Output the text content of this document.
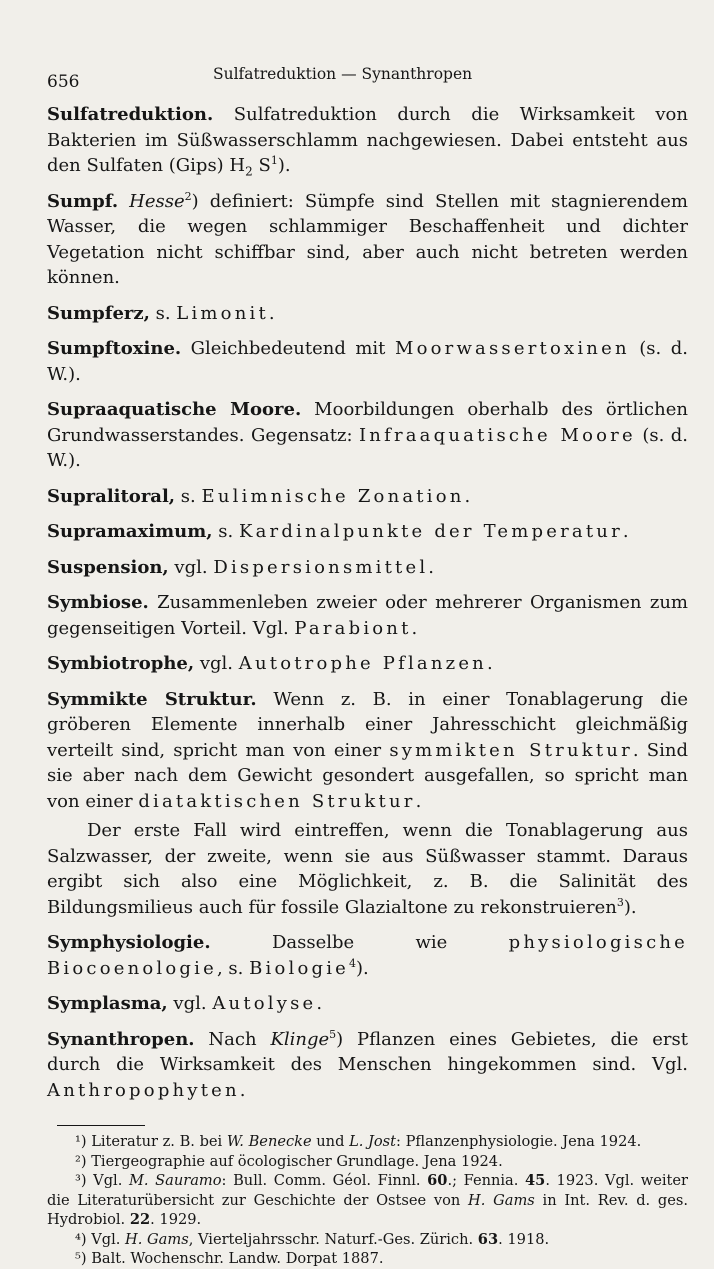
656	Sulfatreduktion — Synanthropen

Sulfatreduktion. Sulfatreduktion durch die Wirksamkeit von Bakterien im Süßwasserschlamm nachgewiesen. Dabei entsteht aus den Sulfaten (Gips) $H_2$ $S^1$).

Sumpf. Hesse$^2$) definiert: Sümpfe sind Stellen mit stagnierendem Wasser, die wegen schlammiger Beschaffenheit und dichter Vegetation nicht schiffbar sind, aber auch nicht betreten werden können.

Sumpferz, s. Limonit.

Sumpftoxine. Gleichbedeutend mit Moorwassertoxinen (s. d. W.).

Supraaquatische Moore. Moorbildungen oberhalb des örtlichen Grundwasserstandes. Gegensatz: Infraaquatische Moore (s. d. W.).

Supralitoral, s. Eulimnische Zonation.

Supramaximum, s. Kardinalpunkte der Temperatur.

Suspension, vgl. Dispersionsmittel.

Symbiose. Zusammenleben zweier oder mehrerer Organismen zum gegenseitigen Vorteil. Vgl. Parabiont.

Symbiotrophe, vgl. Autotrophe Pflanzen.

Symmikte Struktur. Wenn z. B. in einer Tonablagerung die gröberen Elemente innerhalb einer Jahresschicht gleichmäßig verteilt sind, spricht man von einer symmikten Struktur. Sind sie aber nach dem Gewicht gesondert ausgefallen, so spricht man von einer diataktischen Struktur.

Der erste Fall wird eintreffen, wenn die Tonablagerung aus Salzwasser, der zweite, wenn sie aus Süßwasser stammt. Daraus ergibt sich also eine Möglichkeit, z. B. die Salinität des Bildungsmilieus auch für fossile Glazialtone zu rekonstruieren$^3$).

Symphysiologie. Dasselbe wie physiologische Biocoenologie, s. Biologie$^4$).

Symplasma, vgl. Autolyse.

Synanthropen. Nach Klinge$^5$) Pflanzen eines Gebietes, die erst durch die Wirksamkeit des Menschen hingekommen sind. Vgl. Anthropophyten.

¹) Literatur z. B. bei W. Benecke und L. Jost: Pflanzenphysiologie. Jena 1924.

²) Tiergeographie auf öcologischer Grundlage. Jena 1924.

³) Vgl. M. Sauramo: Bull. Comm. Géol. Finnl. 60.; Fennia. 45. 1923. Vgl. weiter die Literaturübersicht zur Geschichte der Ostsee von H. Gams in Int. Rev. d. ges. Hydrobiol. 22. 1929.

⁴) Vgl. H. Gams, Vierteljahrsschr. Naturf.-Ges. Zürich. 63. 1918.

⁵) Balt. Wochenschr. Landw. Dorpat 1887.
